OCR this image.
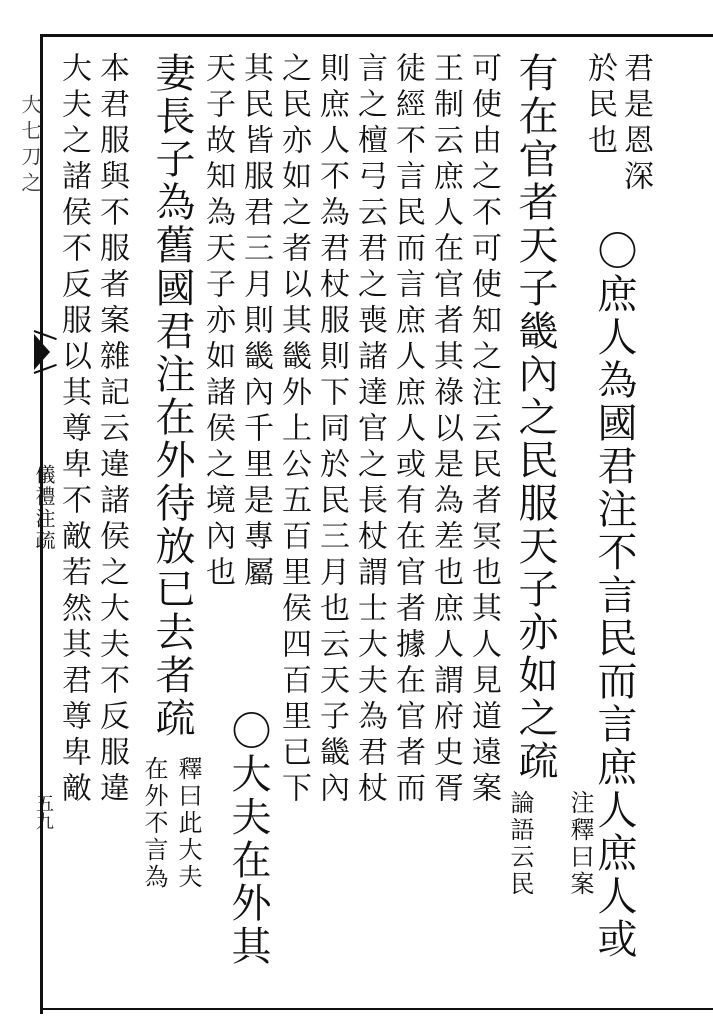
大七刀之
儀禮注疏
五九
君是恩深
於民也
〇庶人為國君注不言民而言庶人庶人或
有在官者天子畿內之民服天子亦如之疏
注釋曰案
可使由之不可使知之注云民者冥也其人見道遠案
論語云民
王制云庶人在官者其祿以是為差也庶人謂府史胥
徒經不言民而言庶人庶人或有在官者據在官者而
言之檀弓云君之喪諸達官之長杖謂士大夫為君杖
則庶人不為君杖服則下同於民三月也云天子畿內
之民亦如之者以其畿外上公五百里侯四百里已下
其民皆服君三月則畿內千里是專屬
天子故知為天子亦如諸侯之境內也
〇大夫在外其
妻長子為舊國君注在外待放已去者疏
在外不言為
本君服與不服者案雜記云違諸侯之大夫不反服違
釋曰此大夫
大夫之諸侯不反服以其尊卑不敵若然其君尊卑敵
